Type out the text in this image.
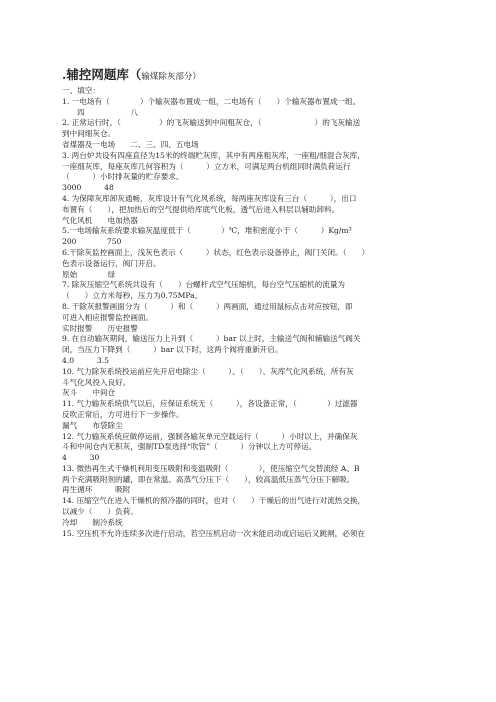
.辅控网题库（输煤除灰部分）
一、填空：
1. 一电场有（　　　　）个输灰器布置成一组，二电场有（　　）个输灰器布置成一组。
　　四　　　　　　八
2. 正常运行时，（　　　　　）的飞灰输送到中间粗灰仓，（　　　　　　　）的飞灰输送
到中间细灰仓。
省煤器及一电场　　二、三、四、五电场
3. 两台炉共设有四座直径为15米的终端贮灰库，其中有两座粗灰库，一座粗/细混合灰库，
一座细灰库，每座灰库几何容积为（　　　）立方米，可满足两台机组同时满负荷运行
（　　　）小时排灰量的贮存要求。
3000　　　48
4. 为保障灰库卸灰通畅，灰库设计有气化风系统，每两座灰库设有三台（　　　），出口
布置有（　　），把加热后的空气提供给库底气化板，透气后进入料层以辅助卸料。
气化风机　　电加热器
5.一电场输灰系统要求输灰温度低于（　　　　）℃，堆积密度小于（　　　）Kg/m³
200　　　　750
6.干除灰监控画面上，浅灰色表示（　　　）状态，红色表示设备停止，阀门关闭。（　　）
色表示设备运行，阀门开启。
原始　　　　绿
7. 除灰压缩空气系统共设有（　　）台螺杆式空气压缩机，每台空气压缩机的流量为
（　　）立方米每秒，压力为0.75MPa。
8. 干除灰报警画面分为（　　　）和（　　　）两画面，通过用鼠标点击对应按钮，即
可进入相应报警监控画面。
实时报警　　历史报警
9. 在自动输灰期间，输送压力上升到（　　　）bar 以上时，主输送气阀和辅输送气阀关
闭，当压力下降到（　　　）bar 以下时，这两个阀将重新开启。
4.0　　　3.5
10. 气力除灰系统投运前应先开启电除尘（　　　）、（　　）、灰库气化风系统，所有灰
斗气化风投入良好。
灰斗　　中间仓
11. 气力输灰系统供气以后，应保证系统无（　　　），各设备正常，（　　　　）过滤器
反吹正常后，方可进行下一步操作。
漏气　　布袋除尘
12. 气力输灰系统应做停运前，强制各输灰单元空载运行（　　　）小时以上，并确保灰
斗和中间仓内无积灰，强制TD泵选择“吹管”（　　　）分钟以上方可停运。
4　　　30
13. 微热再生式干燥机利用变压吸附和变温吸附（　　　　），使压缩空气交替流经 A、B
两个充满吸附剂的罐，即在常温、高蒸气分压下（　　），较高温低压蒸气分压下解吸。
再生循环　　　吸附
14. 压缩空气在进入干燥机的预冷器的同时，也对（　　）干燥后的出气进行对流热交换，
以减少（　　）负荷。
冷却　　制冷系统
15. 空压机不允许连续多次进行启动，若空压机启动一次未能启动或启运后又跳闸，必须在
